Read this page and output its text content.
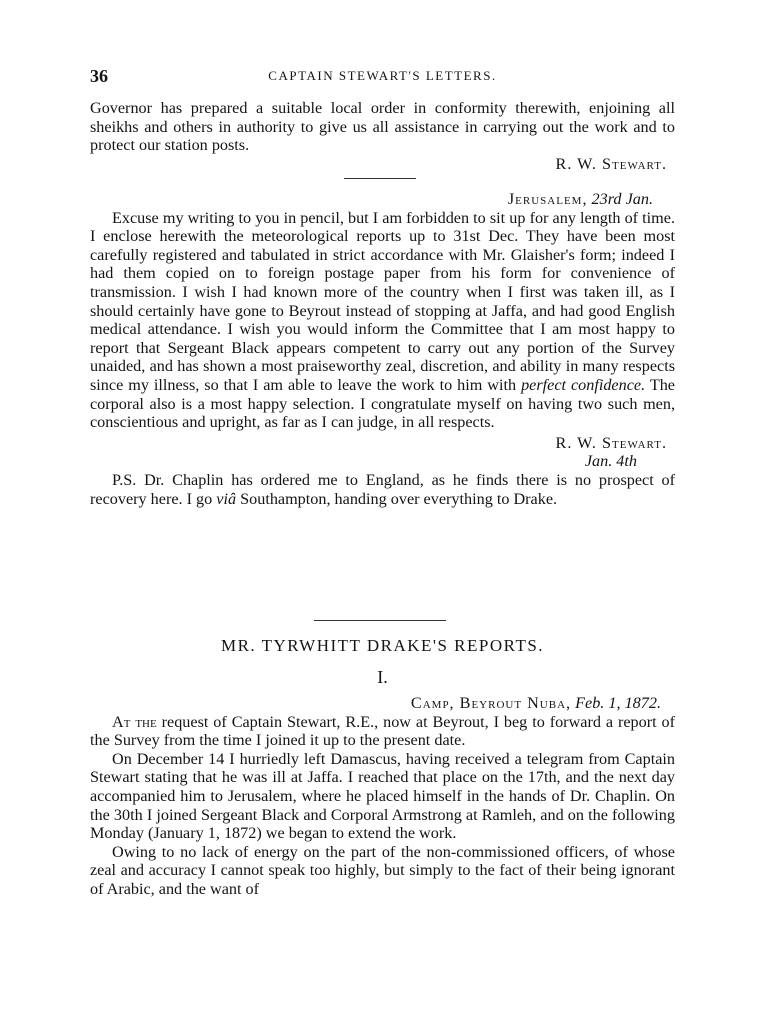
36	CAPTAIN STEWART'S LETTERS.

Governor has prepared a suitable local order in conformity therewith, enjoining all sheikhs and others in authority to give us all assistance in carrying out the work and to protect our station posts.

R. W. Stewart.

Jerusalem, 23rd Jan.

Excuse my writing to you in pencil, but I am forbidden to sit up for any length of time. I enclose herewith the meteorological reports up to 31st Dec. They have been most carefully registered and tabulated in strict accordance with Mr. Glaisher's form; indeed I had them copied on to foreign postage paper from his form for convenience of transmission. I wish I had known more of the country when I first was taken ill, as I should certainly have gone to Beyrout instead of stopping at Jaffa, and had good English medical attendance. I wish you would inform the Committee that I am most happy to report that Sergeant Black appears competent to carry out any portion of the Survey unaided, and has shown a most praiseworthy zeal, discretion, and ability in many respects since my illness, so that I am able to leave the work to him with perfect confidence. The corporal also is a most happy selection. I congratulate myself on having two such men, conscientious and upright, as far as I can judge, in all respects.

R. W. Stewart.

Jan. 4th

P.S. Dr. Chaplin has ordered me to England, as he finds there is no prospect of recovery here. I go viâ Southampton, handing over everything to Drake.

MR. TYRWHITT DRAKE'S REPORTS.
I.

Camp, Beyrout Nuba, Feb. 1, 1872.

At the request of Captain Stewart, R.E., now at Beyrout, I beg to forward a report of the Survey from the time I joined it up to the present date.

On December 14 I hurriedly left Damascus, having received a telegram from Captain Stewart stating that he was ill at Jaffa. I reached that place on the 17th, and the next day accompanied him to Jerusalem, where he placed himself in the hands of Dr. Chaplin. On the 30th I joined Sergeant Black and Corporal Armstrong at Ramleh, and on the following Monday (January 1, 1872) we began to extend the work.

Owing to no lack of energy on the part of the non-commissioned officers, of whose zeal and accuracy I cannot speak too highly, but simply to the fact of their being ignorant of Arabic, and the want of
